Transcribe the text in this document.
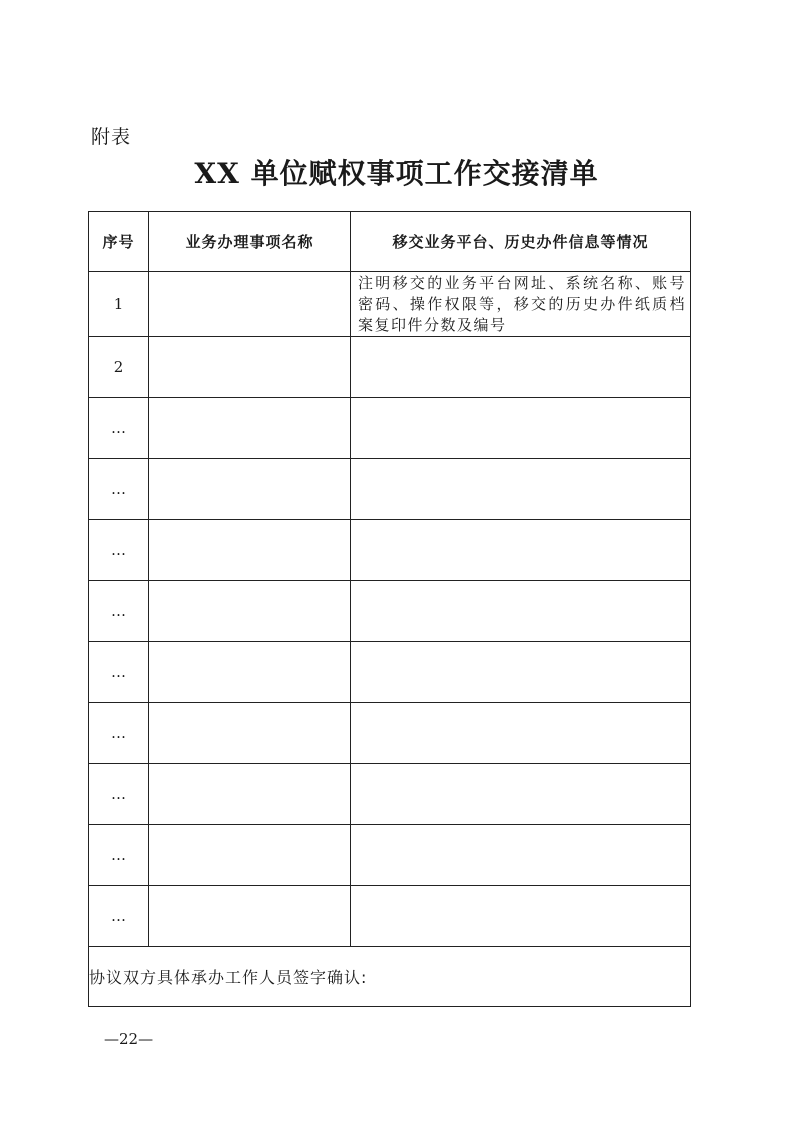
附表
XX 单位赋权事项工作交接清单
序号	业务办理事项名称	移交业务平台、历史办件信息等情况
1		注明移交的业务平台网址、系统名称、账号密码、操作权限等，移交的历史办件纸质档案复印件分数及编号
2		
…		
…		
…		
…		
…		
…		
…		
…		
…		
协议双方具体承办工作人员签字确认:		
—22—
